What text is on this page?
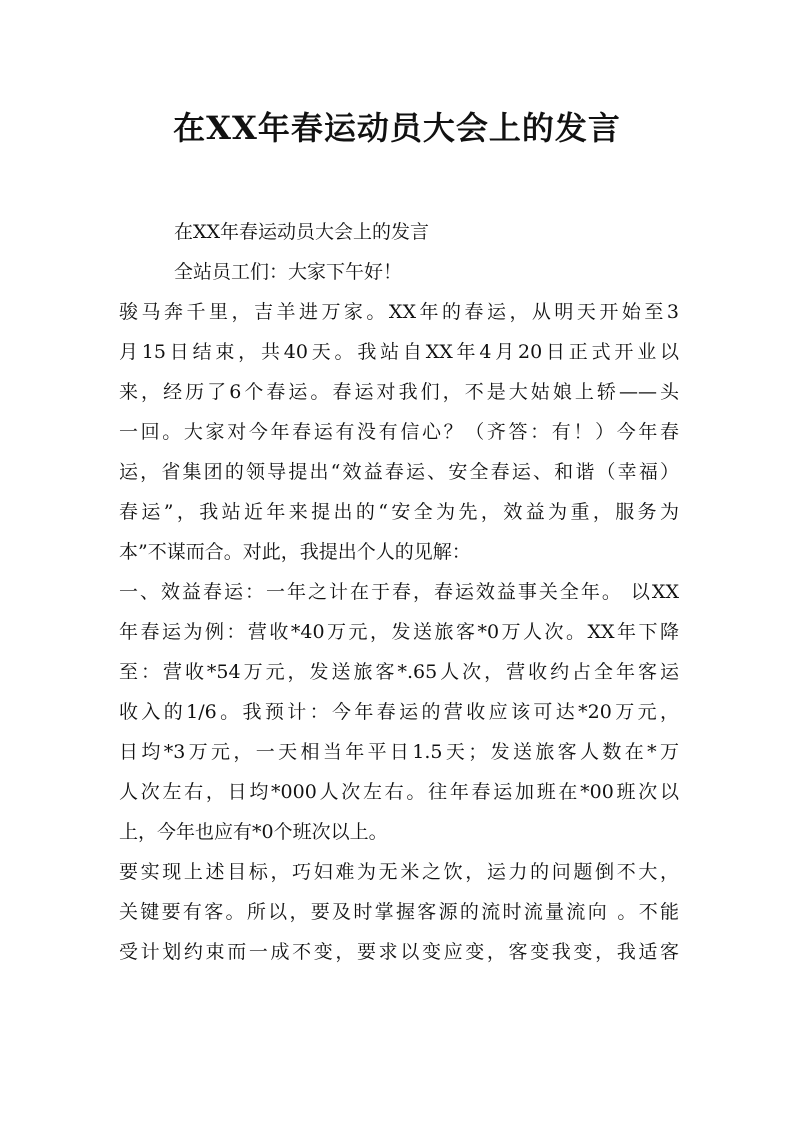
在XX年春运动员大会上的发言
在XX年春运动员大会上的发言
全站员工们：大家下午好！
骏马奔千里，吉羊进万家。XX年的春运，从明天开始至3
月15日结束，共40天。我站自XX年4月20日正式开业以
来，经历了6个春运。春运对我们，不是大姑娘上轿——头
一回。大家对今年春运有没有信心？（齐答：有！）今年春
运，省集团的领导提出“效益春运、安全春运、和谐（幸福）
春运”，我站近年来提出的“安全为先，效益为重，服务为
本”不谋而合。对此，我提出个人的见解：
一、效益春运：一年之计在于春，春运效益事关全年。 以XX
年春运为例：营收*40万元，发送旅客*0万人次。XX年下降
至：营收*54万元，发送旅客*.65人次，营收约占全年客运
收入的1/6。我预计：今年春运的营收应该可达*20万元，
日均*3万元，一天相当年平日1.5天；发送旅客人数在*万
人次左右，日均*000人次左右。往年春运加班在*00班次以
上，今年也应有*0个班次以上。
要实现上述目标，巧妇难为无米之饮，运力的问题倒不大，
关键要有客。所以，要及时掌握客源的流时流量流向 。不能
受计划约束而一成不变，要求以变应变，客变我变，我适客
